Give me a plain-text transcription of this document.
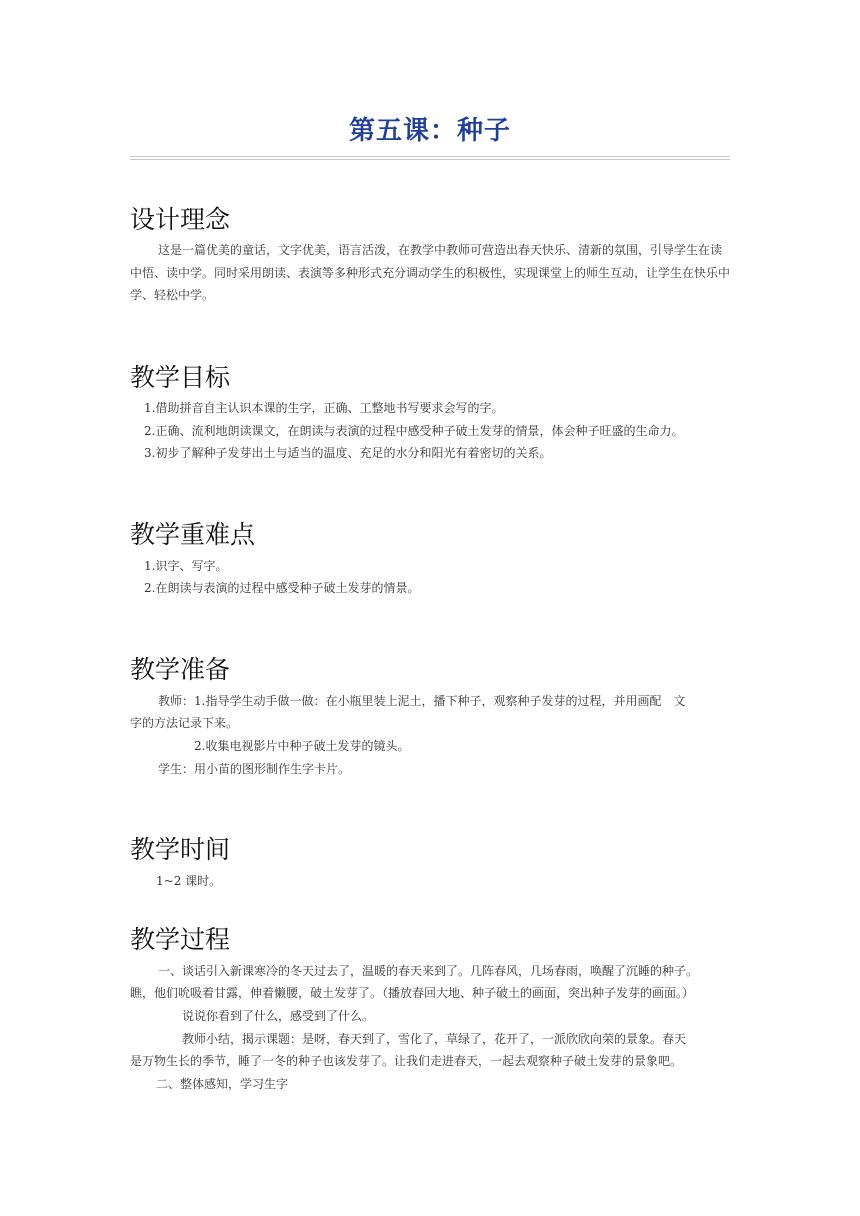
第五课：种子
设计理念
这是一篇优美的童话，文字优美，语言活泼，在教学中教师可营造出春天快乐、清新的氛围，引导学生在读中悟、读中学。同时采用朗读、表演等多种形式充分调动学生的积极性，实现课堂上的师生互动，让学生在快乐中学、轻松中学。
教学目标
1.借助拼音自主认识本课的生字，正确、工整地书写要求会写的字。
2.正确、流利地朗读课文，在朗读与表演的过程中感受种子破土发芽的情景，体会种子旺盛的生命力。
3.初步了解种子发芽出土与适当的温度、充足的水分和阳光有着密切的关系。
教学重难点
1.识字、写字。
2.在朗读与表演的过程中感受种子破土发芽的情景。
教学准备
教师：1.指导学生动手做一做：在小瓶里装上泥土，播下种子，观察种子发芽的过程，并用画配　文
字的方法记录下来。
2.收集电视影片中种子破土发芽的镜头。
学生：用小苗的图形制作生字卡片。
教学时间
1~2 课时。
教学过程
一、谈话引入新课寒冷的冬天过去了，温暖的春天来到了。几阵春风，几场春雨，唤醒了沉睡的种子。
瞧，他们吮吸着甘露，伸着懒腰，破土发芽了。（播放春回大地、种子破土的画面，突出种子发芽的画面。）
说说你看到了什么，感受到了什么。
教师小结，揭示课题：是呀，春天到了，雪化了，草绿了，花开了，一派欣欣向荣的景象。春天
是万物生长的季节，睡了一冬的种子也该发芽了。让我们走进春天，一起去观察种子破土发芽的景象吧。
二、整体感知，学习生字
